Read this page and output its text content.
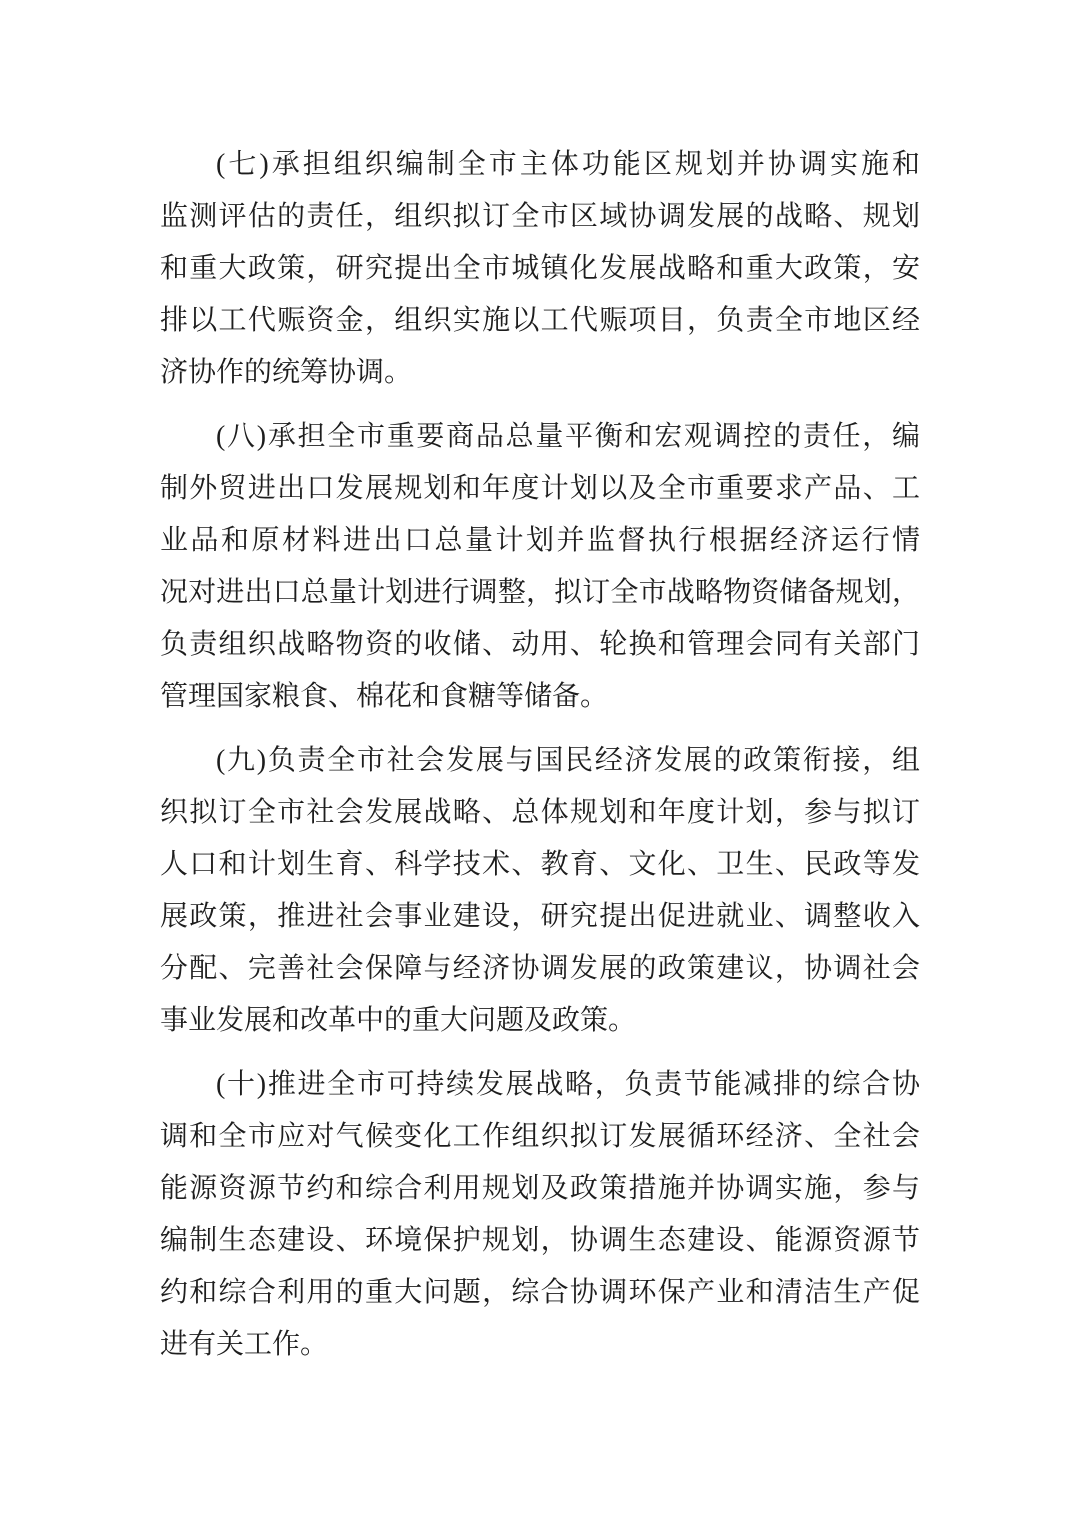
(七)承担组织编制全市主体功能区规划并协调实施和
监测评估的责任，组织拟订全市区域协调发展的战略、规划
和重大政策，研究提出全市城镇化发展战略和重大政策，安
排以工代赈资金，组织实施以工代赈项目，负责全市地区经
济协作的统筹协调。
(八)承担全市重要商品总量平衡和宏观调控的责任，编
制外贸进出口发展规划和年度计划以及全市重要求产品、工
业品和原材料进出口总量计划并监督执行根据经济运行情
况对进出口总量计划进行调整，拟订全市战略物资储备规划，
负责组织战略物资的收储、动用、轮换和管理会同有关部门
管理国家粮食、棉花和食糖等储备。
(九)负责全市社会发展与国民经济发展的政策衔接，组
织拟订全市社会发展战略、总体规划和年度计划，参与拟订
人口和计划生育、科学技术、教育、文化、卫生、民政等发
展政策，推进社会事业建设，研究提出促进就业、调整收入
分配、完善社会保障与经济协调发展的政策建议，协调社会
事业发展和改革中的重大问题及政策。
(十)推进全市可持续发展战略，负责节能减排的综合协
调和全市应对气候变化工作组织拟订发展循环经济、全社会
能源资源节约和综合利用规划及政策措施并协调实施，参与
编制生态建设、环境保护规划，协调生态建设、能源资源节
约和综合利用的重大问题，综合协调环保产业和清洁生产促
进有关工作。
